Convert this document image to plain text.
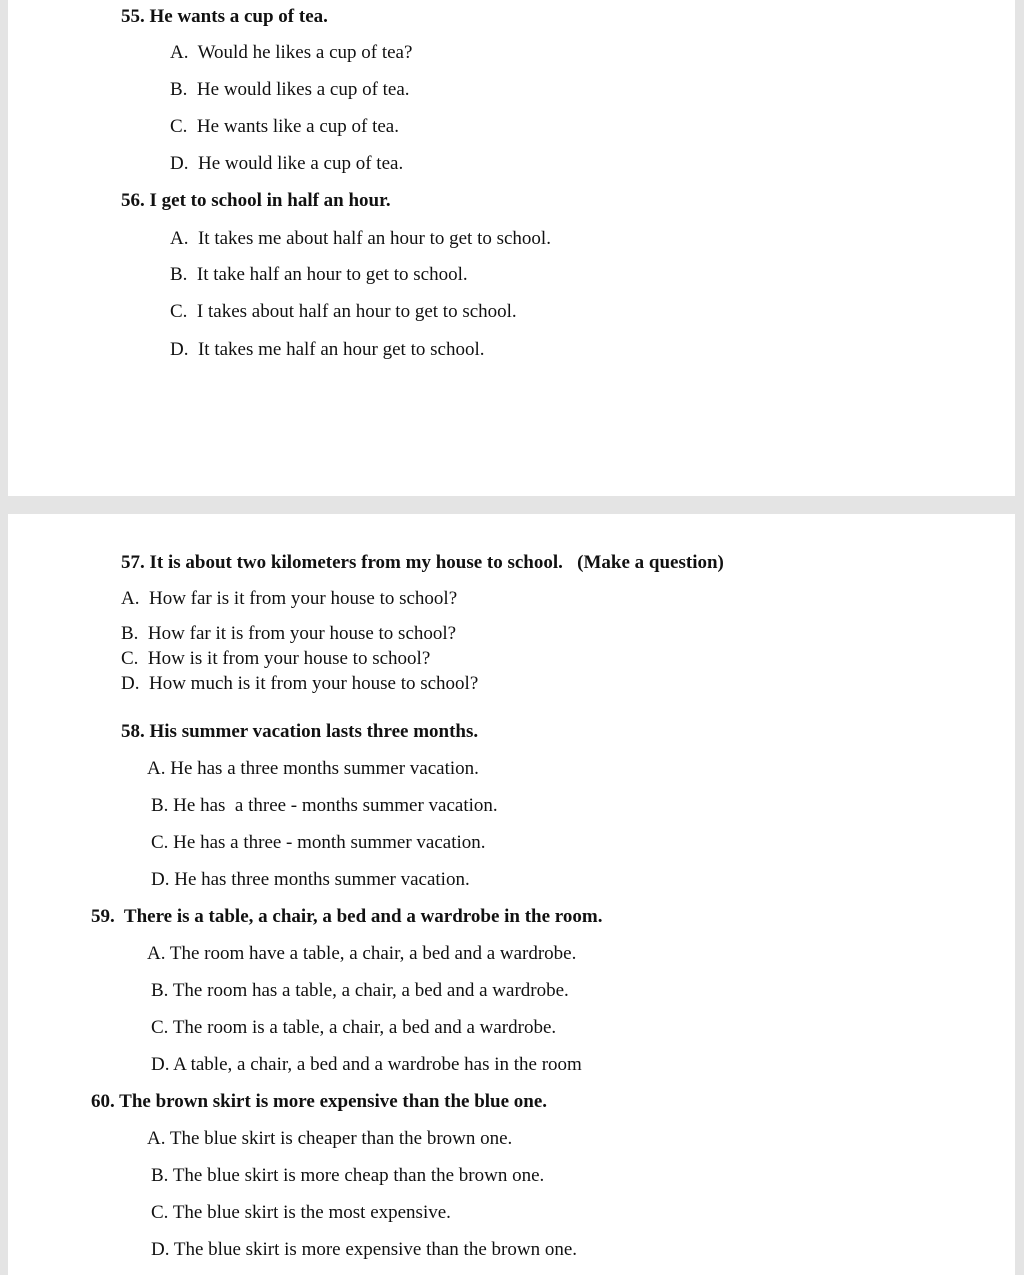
55. He wants a cup of tea.
A.  Would he likes a cup of tea?
B.  He would likes a cup of tea.
C.  He wants like a cup of tea.
D.  He would like a cup of tea.
56. I get to school in half an hour.
A.  It takes me about half an hour to get to school.
B.  It take half an hour to get to school.
C.  I takes about half an hour to get to school.
D.  It takes me half an hour get to school.
57. It is about two kilometers from my house to school.   (Make a question)
A.  How far is it from your house to school?
B.  How far it is from your house to school?
C.  How is it from your house to school?
D.  How much is it from your house to school?
58. His summer vacation lasts three months.
A. He has a three months summer vacation.
B. He has  a three - months summer vacation.
C. He has a three - month summer vacation.
D. He has three months summer vacation.
59. There is a table, a chair, a bed and a wardrobe in the room.
A. The room have a table, a chair, a bed and a wardrobe.
B. The room has a table, a chair, a bed and a wardrobe.
C. The room is a table, a chair, a bed and a wardrobe.
D. A table, a chair, a bed and a wardrobe has in the room
60. The brown skirt is more expensive than the blue one.
A. The blue skirt is cheaper than the brown one.
B. The blue skirt is more cheap than the brown one.
C. The blue skirt is the most expensive.
D. The blue skirt is more expensive than the brown one.
